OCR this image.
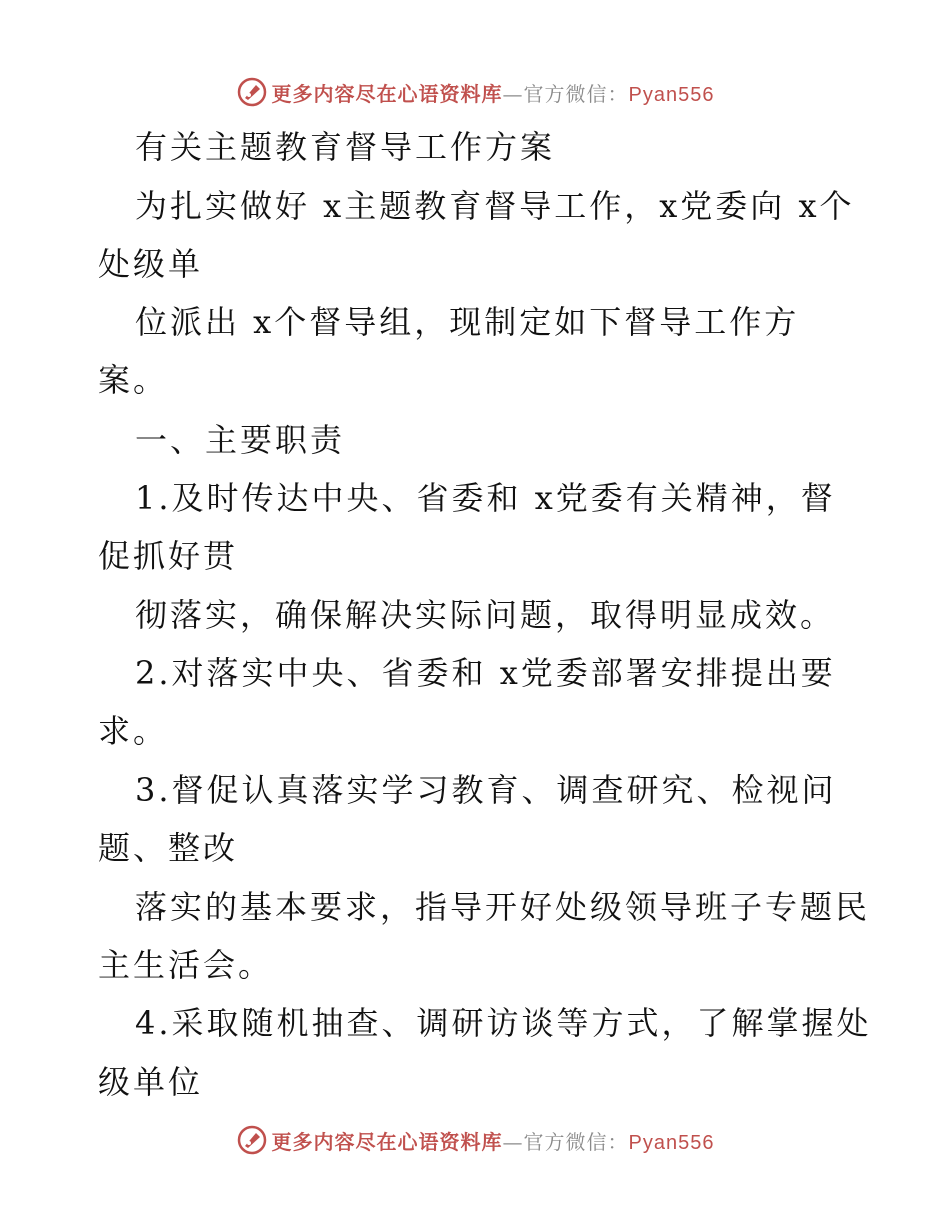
更多内容尽在心语资料库—官方微信：Pyan556
有关主题教育督导工作方案
为扎实做好 x主题教育督导工作，x党委向 x个
处级单
位派出 x个督导组，现制定如下督导工作方
案。
一、主要职责
1.及时传达中央、省委和 x党委有关精神，督
促抓好贯
彻落实，确保解决实际问题，取得明显成效。
2.对落实中央、省委和 x党委部署安排提出要
求。
3.督促认真落实学习教育、调查研究、检视问
题、整改
落实的基本要求，指导开好处级领导班子专题民
主生活会。
4.采取随机抽查、调研访谈等方式，了解掌握处
级单位
更多内容尽在心语资料库—官方微信：Pyan556
